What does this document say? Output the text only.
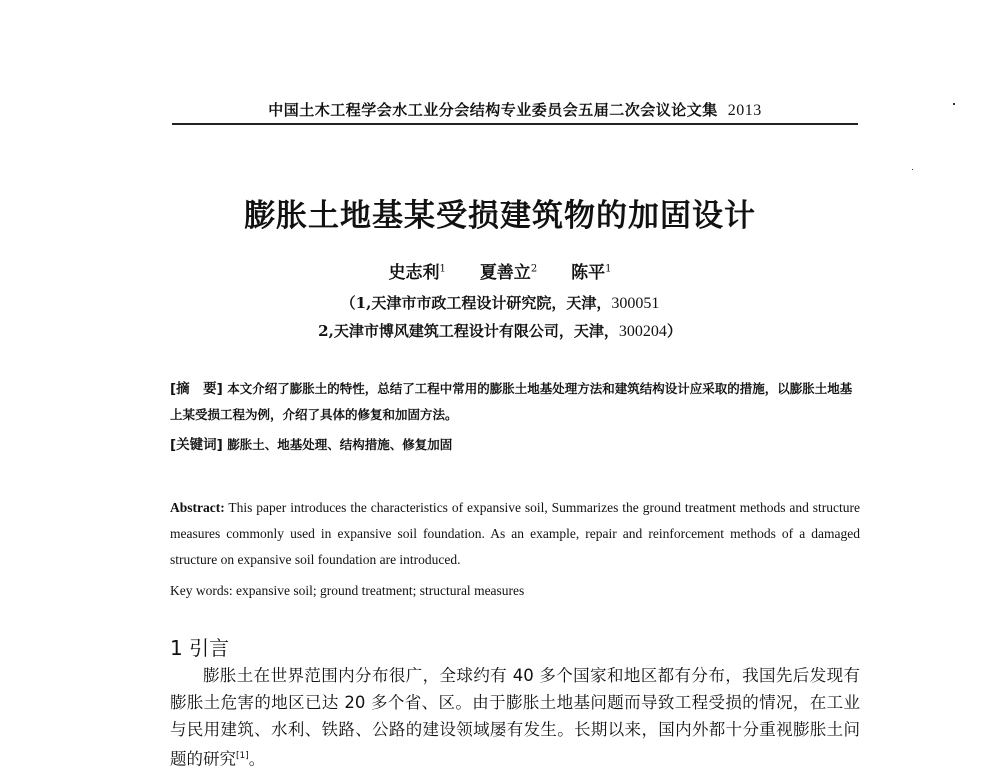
中国土木工程学会水工业分会结构专业委员会五届二次会议论文集 2013
膨胀土地基某受损建筑物的加固设计
史志利$^1$ 夏善立$^2$ 陈平$^1$
（1,天津市市政工程设计研究院，天津，300051
2,天津市博风建筑工程设计有限公司，天津，300204）
[摘　要] 本文介绍了膨胀土的特性，总结了工程中常用的膨胀土地基处理方法和建筑结构设计应采取的措施，以膨胀土地基上某受损工程为例，介绍了具体的修复和加固方法。
[关键词] 膨胀土、地基处理、结构措施、修复加固
Abstract: This paper introduces the characteristics of expansive soil, Summarizes the ground treatment methods and structure measures commonly used in expansive soil foundation. As an example, repair and reinforcement methods of a damaged structure on expansive soil foundation are introduced.
Key words: expansive soil; ground treatment; structural measures
1 引言

膨胀土在世界范围内分布很广，全球约有 40 多个国家和地区都有分布，我国先后发现有膨胀土危害的地区已达 20 多个省、区。由于膨胀土地基问题而导致工程受损的情况，在工业与民用建筑、水利、铁路、公路的建设领域屡有发生。长期以来，国内外都十分重视膨胀土问题的研究[1]。
